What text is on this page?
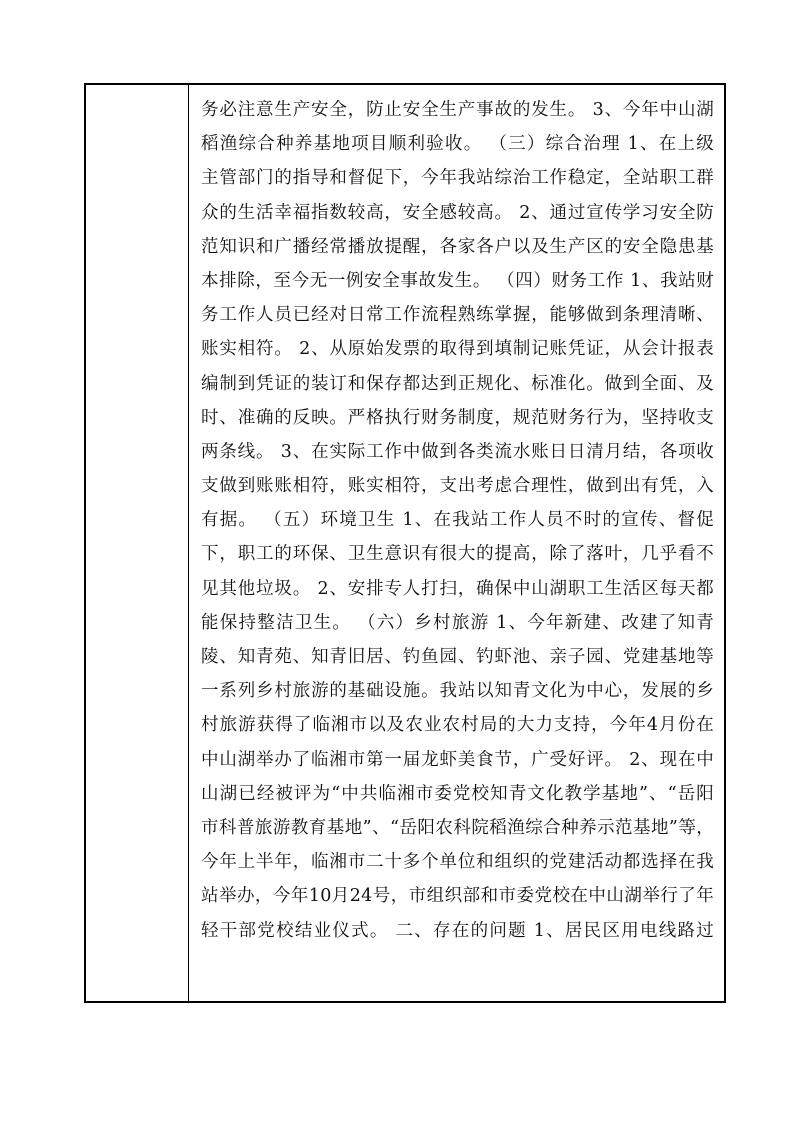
务必注意生产安全，防止安全生产事故的发生。 3、今年中山湖
稻渔综合种养基地项目顺利验收。 （三）综合治理 1、在上级
主管部门的指导和督促下，今年我站综治工作稳定，全站职工群
众的生活幸福指数较高，安全感较高。 2、通过宣传学习安全防
范知识和广播经常播放提醒，各家各户以及生产区的安全隐患基
本排除，至今无一例安全事故发生。 （四）财务工作 1、我站财
务工作人员已经对日常工作流程熟练掌握，能够做到条理清晰、
账实相符。 2、从原始发票的取得到填制记账凭证，从会计报表
编制到凭证的装订和保存都达到正规化、标准化。做到全面、及
时、准确的反映。严格执行财务制度，规范财务行为，坚持收支
两条线。 3、在实际工作中做到各类流水账日日清月结，各项收
支做到账账相符，账实相符，支出考虑合理性，做到出有凭，入
有据。 （五）环境卫生 1、在我站工作人员不时的宣传、督促
下，职工的环保、卫生意识有很大的提高，除了落叶，几乎看不
见其他垃圾。 2、安排专人打扫，确保中山湖职工生活区每天都
能保持整洁卫生。 （六）乡村旅游 1、今年新建、改建了知青
陵、知青苑、知青旧居、钓鱼园、钓虾池、亲子园、党建基地等
一系列乡村旅游的基础设施。我站以知青文化为中心，发展的乡
村旅游获得了临湘市以及农业农村局的大力支持，今年4月份在
中山湖举办了临湘市第一届龙虾美食节，广受好评。 2、现在中
山湖已经被评为“中共临湘市委党校知青文化教学基地”、“岳阳
市科普旅游教育基地”、“岳阳农科院稻渔综合种养示范基地”等，
今年上半年，临湘市二十多个单位和组织的党建活动都选择在我
站举办，今年10月24号，市组织部和市委党校在中山湖举行了年
轻干部党校结业仪式。 二、存在的问题 1、居民区用电线路过
